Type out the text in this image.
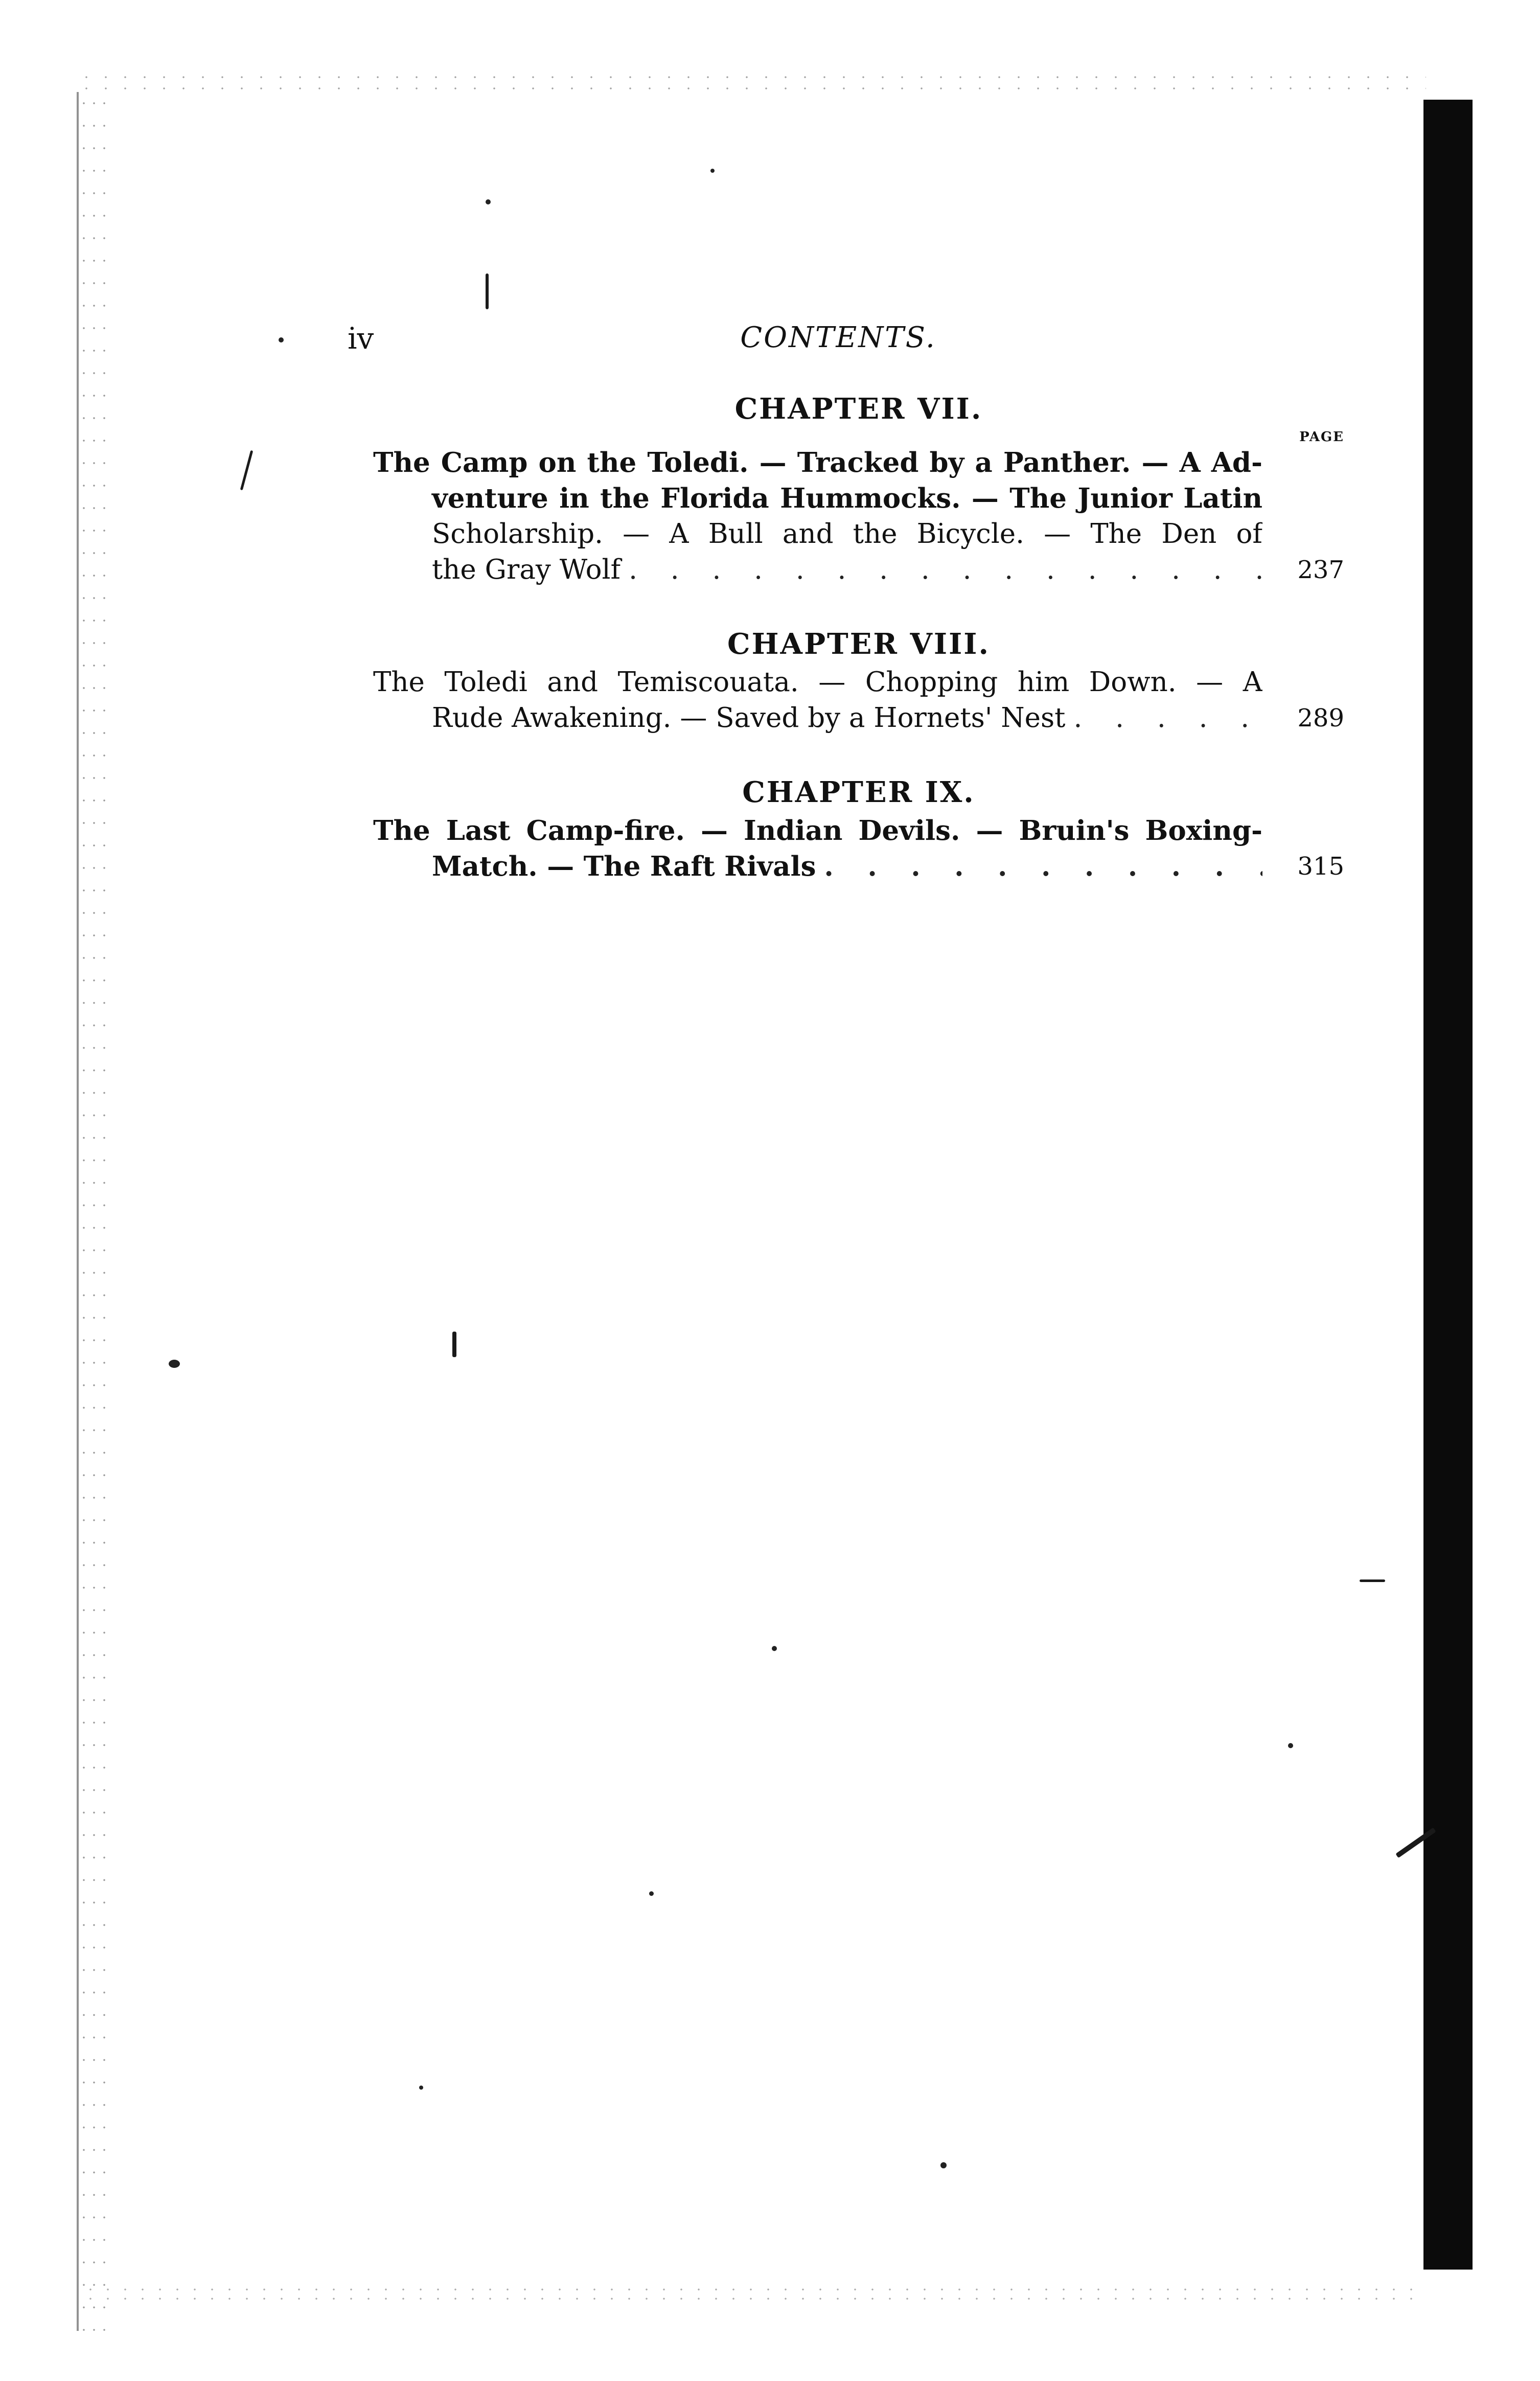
iv	CONTENTS.
CHAPTER VII.
PAGE
The Camp on the Toledi. — Tracked by a Panther. — A Ad-
venture in the Florida Hummocks. — The Junior Latin
Scholarship. — A Bull and the Bicycle. — The Den of
the Gray Wolf . . .	237
CHAPTER VIII.
The Toledi and Temiscouata. — Chopping him Down. — A
Rude Awakening. — Saved by a Hornets' Nest . . .	289
CHAPTER IX.
The Last Camp-fire. — Indian Devils. — Bruin's Boxing-
Match. — The Raft Rivals . . .	315
